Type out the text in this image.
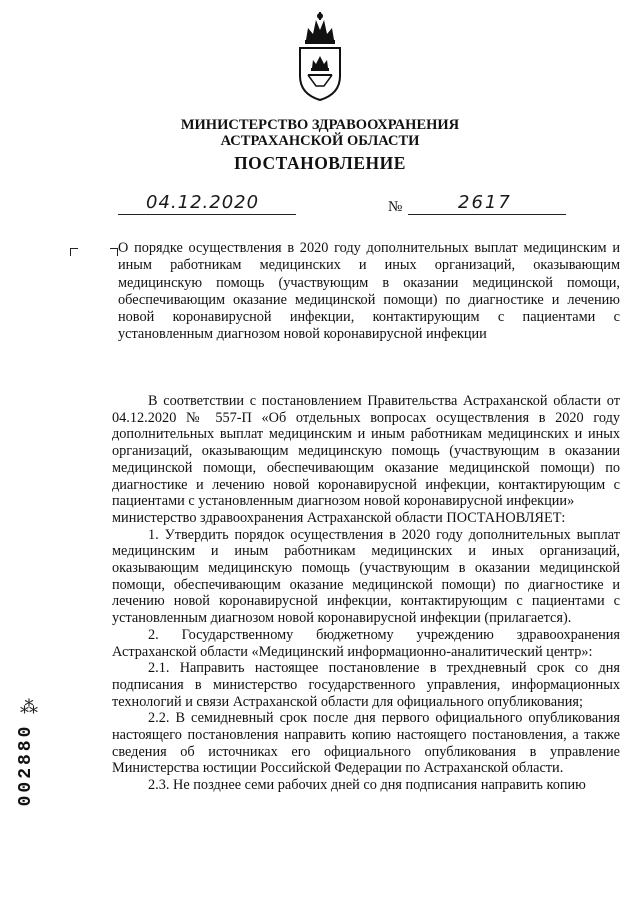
МИНИСТЕРСТВО ЗДРАВООХРАНЕНИЯ
АСТРАХАНСКОЙ ОБЛАСТИ
ПОСТАНОВЛЕНИЕ
04.12.2020	№	2617
О порядке осуществления в 2020 году дополнительных выплат медицинским и иным работникам медицинских и иных организаций, оказывающим медицинскую помощь (участвующим в оказании медицинской помощи, обеспечивающим оказание медицинской помощи) по диагностике и лечению новой коронавирусной инфекции, контактирующим с пациентами с установленным диагнозом новой коронавирусной инфекции

В соответствии с постановлением Правительства Астраханской области от 04.12.2020 № 557-П «Об отдельных вопросах осуществления в 2020 году дополнительных выплат медицинским и иным работникам медицинских и иных организаций, оказывающим медицинскую помощь (участвующим в оказании медицинской помощи, обеспечивающим оказание медицинской помощи) по диагностике и лечению новой коронавирусной инфекции, контактирующим с пациентами с установленным диагнозом новой коронавирусной инфекции»

министерство здравоохранения Астраханской области ПОСТАНОВЛЯЕТ:

1. Утвердить порядок осуществления в 2020 году дополнительных выплат медицинским и иным работникам медицинских и иных организаций, оказывающим медицинскую помощь (участвующим в оказании медицинской помощи, обеспечивающим оказание медицинской помощи) по диагностике и лечению новой коронавирусной инфекции, контактирующим с пациентами с установленным диагнозом новой коронавирусной инфекции (прилагается).

2. Государственному бюджетному учреждению здравоохранения Астраханской области «Медицинский информационно-аналитический центр»:

2.1. Направить настоящее постановление в трехдневный срок со дня подписания в министерство государственного управления, информационных технологий и связи Астраханской области для официального опубликования;

2.2. В семидневный срок после дня первого официального опубликования настоящего постановления направить копию настоящего постановления, а также сведения об источниках его официального опубликования в управление Министерства юстиции Российской Федерации по Астраханской области.

2.3. Не позднее семи рабочих дней со дня подписания направить копию

⁂
002880
